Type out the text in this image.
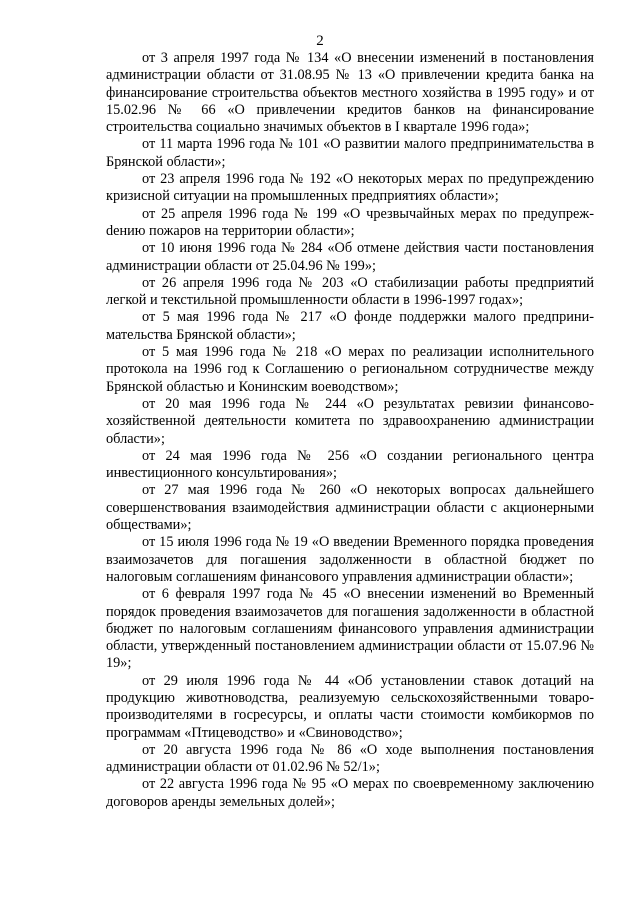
2

от 3 апреля 1997 года № 134 «О внесении изменений в постановления администрации области от 31.08.95 № 13 «О привлечении кредита банка на финансирование строительства объектов местного хозяйства в 1995 году» и от 15.02.96 № 66 «О привлечении кредитов банков на финансирование строительства социально значимых объектов в I квартале 1996 года»;

от 11 марта 1996 года № 101 «О развитии малого предпринимательства в Брянской области»;

от 23 апреля 1996 года № 192 «О некоторых мерах по предупреждению кризисной ситуации на промышленных предприятиях области»;

от 25 апреля 1996 года № 199 «О чрезвычайных мерах по предупрежdению пожаров на территории области»;

от 10 июня 1996 года № 284 «Об отмене действия части постановления администрации области от 25.04.96 № 199»;

от 26 апреля 1996 года № 203 «О стабилизации работы предприятий легкой и текстильной промышленности области в 1996-1997 годах»;

от 5 мая 1996 года № 217 «О фонде поддержки малого предпринимательства Брянской области»;

от 5 мая 1996 года № 218 «О мерах по реализации исполнительного протокола на 1996 год к Соглашению о региональном сотрудничестве между Брянской областью и Конинским воеводством»;

от 20 мая 1996 года № 244 «О результатах ревизии финансово-хозяйственной деятельности комитета по здравоохранению администрации области»;

от 24 мая 1996 года № 256 «О создании регионального центра инвестиционного консультирования»;

от 27 мая 1996 года № 260 «О некоторых вопросах дальнейшего совершенствования взаимодействия администрации области с акционерными обществами»;

от 15 июля 1996 года № 19 «О введении Временного порядка проведения взаимозачетов для погашения задолженности в областной бюджет по налоговым соглашениям финансового управления администрации области»;

от 6 февраля 1997 года № 45 «О внесении изменений во Временный порядок проведения взаимозачетов для погашения задолженности в областной бюджет по налоговым соглашениям финансового управления администрации области, утвержденный постановлением администрации области от 15.07.96 № 19»;

от 29 июля 1996 года № 44 «Об установлении ставок дотаций на продукцию животноводства, реализуемую сельскохозяйственными товаропроизводителями в госресурсы, и оплаты части стоимости комбикормов по программам «Птицеводство» и «Свиноводство»;

от 20 августа 1996 года № 86 «О ходе выполнения постановления администрации области от 01.02.96 № 52/1»;

от 22 августа 1996 года № 95 «О мерах по своевременному заключению договоров аренды земельных долей»;
